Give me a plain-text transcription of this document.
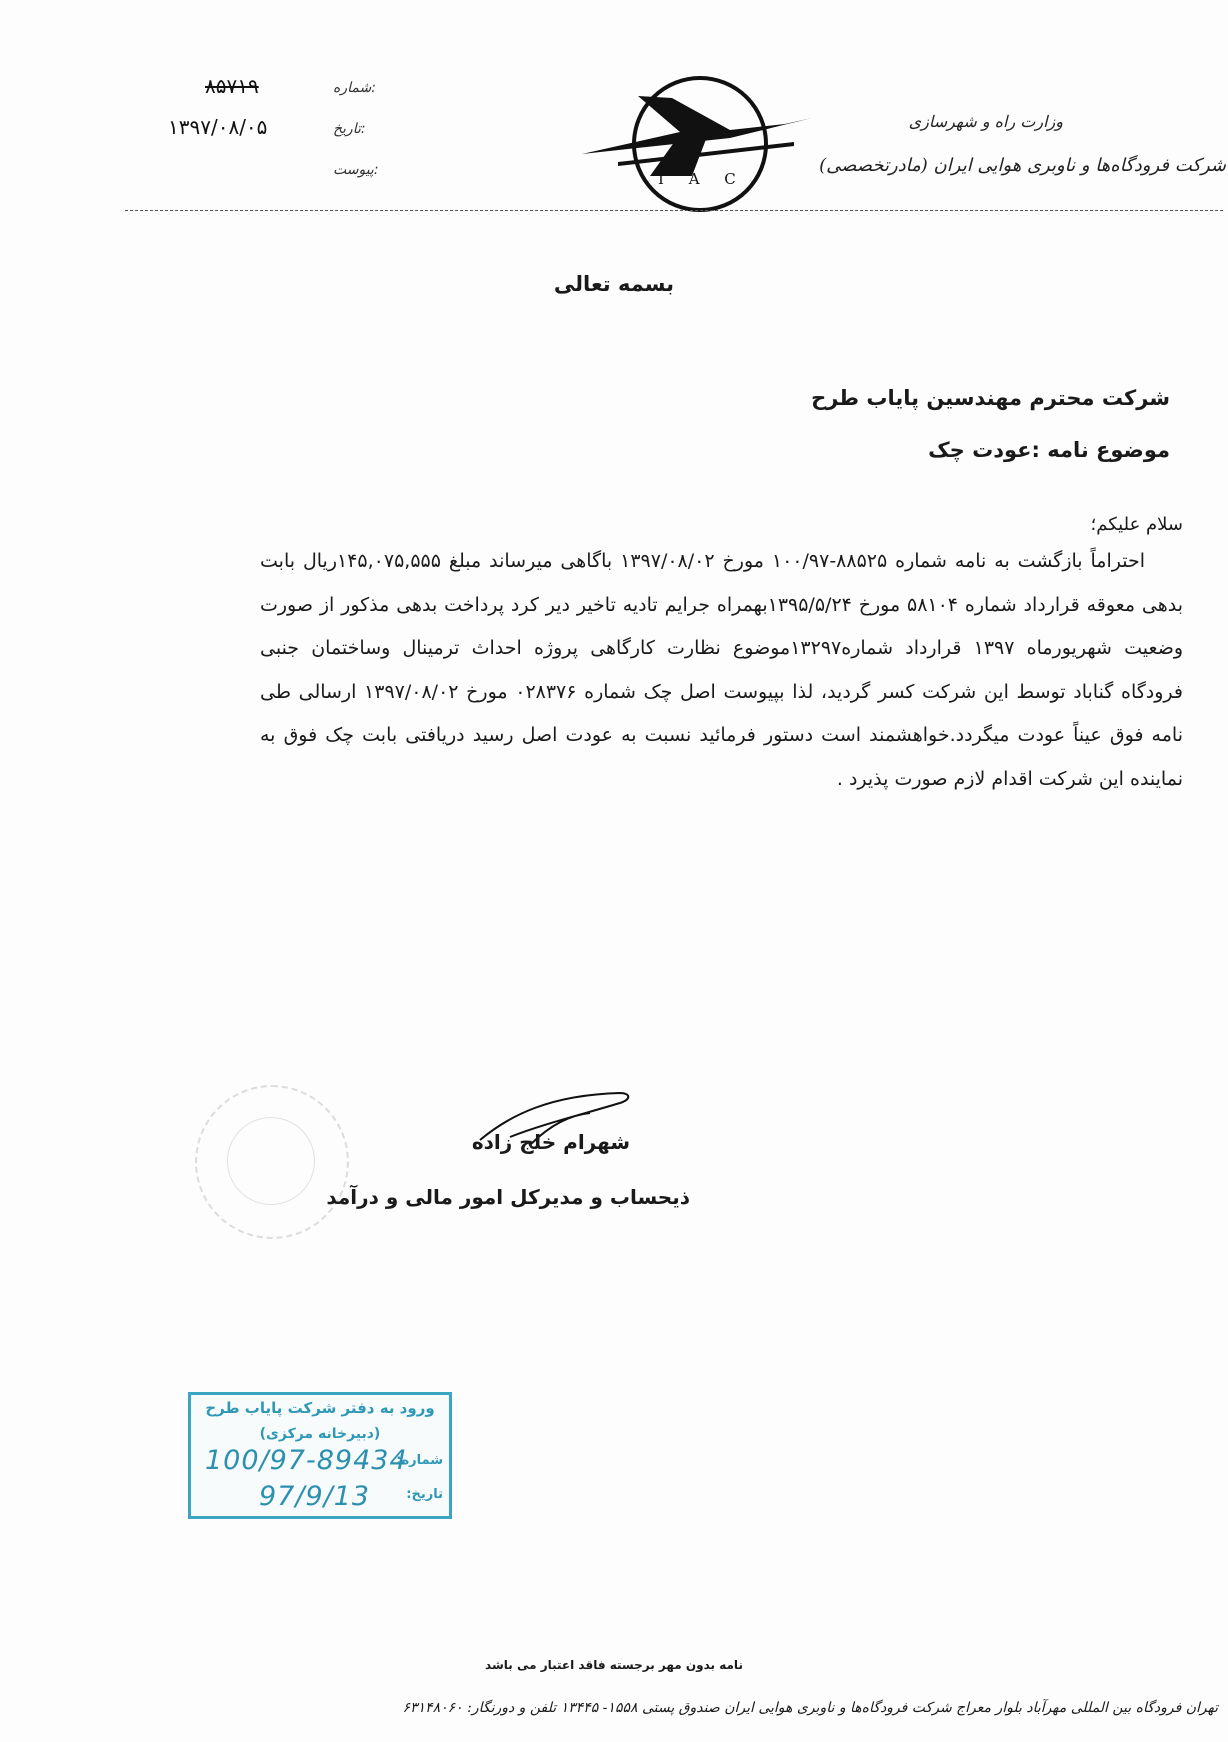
شماره:
۸۵۷۱۹
تاریخ:
۱۳۹۷/۰۸/۰۵
پیوست:	I A C
وزارت راه و شهرسازی
شرکت فرودگاه‌ها و ناوبری هوایی ایران (مادرتخصصی)
بسمه تعالی
شرکت محترم مهندسین پایاب طرح
موضوع نامه :عودت چک
سلام علیکم؛

احتراماً بازگشت به نامه شماره ۸۸۵۲۵-۱۰۰/۹۷ مورخ ۱۳۹۷/۰۸/۰۲ باگاهی میرساند مبلغ ۱۴۵,۰۷۵,۵۵۵ریال بابت بدهی معوقه قرارداد شماره ۵۸۱۰۴ مورخ ۱۳۹۵/۵/۲۴بهمراه جرایم تادیه تاخیر دیر کرد پرداخت بدهی مذکور از صورت وضعیت شهریورماه ۱۳۹۷ قرارداد شماره۱۳۲۹۷موضوع نظارت کارگاهی پروژه احداث ترمینال وساختمان جنبی فرودگاه گناباد توسط این شرکت کسر گردید، لذا بپیوست اصل چک شماره ۰۲۸۳۷۶ مورخ ۱۳۹۷/۰۸/۰۲ ارسالی طی نامه فوق عیناً عودت میگردد.خواهشمند است دستور فرمائید نسبت به عودت اصل رسید دریافتی بابت چک فوق به نماینده این شرکت اقدام لازم صورت پذیرد .

شهرام خلج زاده
ذیحساب و مدیرکل امور مالی و درآمد
ورود به دفتر شرکت پایاب طرح
(دبیرخانه مرکزی)
شماره:
100/97-89434
تاریخ:
97/9/13
نامه بدون مهر برجسته فاقد اعتبار می باشد
تهران فرودگاه بین المللی مهرآباد بلوار معراج شرکت فرودگاه‌ها و ناوبری هوایی ایران صندوق پستی ۱۵۵۸- ۱۳۴۴۵ تلفن و دورنگار: ۶۳۱۴۸۰۶۰
